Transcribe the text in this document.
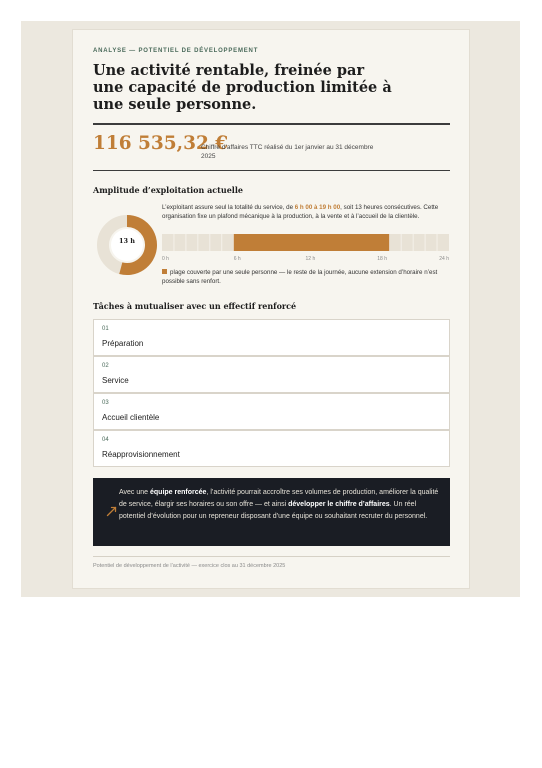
ANALYSE — POTENTIEL DE DÉVELOPPEMENT
Une activité rentable, freinée par une capacité de production limitée à une seule personne.
116 535,32 €
Chiffre d’affaires TTC réalisé du 1er janvier au 31 décembre 2025
Amplitude d’exploitation actuelle
13 h
L’exploitant assure seul la totalité du service, de 6 h 00 à 19 h 00, soit 13 heures consécutives. Cette organisation fixe un plafond mécanique à la production, à la vente et à l’accueil de la clientèle.
0 h	6 h	12 h	18 h	24 h
plage couverte par une seule personne — le reste de la journée, aucune extension d’horaire n’est possible sans renfort.
Tâches à mutualiser avec un effectif renforcé
01
Préparation
02
Service
03
Accueil clientèle
04
Réapprovisionnement
Avec une équipe renforcée, l’activité pourrait accroître ses volumes de production, améliorer la qualité de service, élargir ses horaires ou son offre — et ainsi développer le chiffre d’affaires. Un réel potentiel d’évolution pour un repreneur disposant d’une équipe ou souhaitant recruter du personnel.
Potentiel de développement de l’activité — exercice clos au 31 décembre 2025
